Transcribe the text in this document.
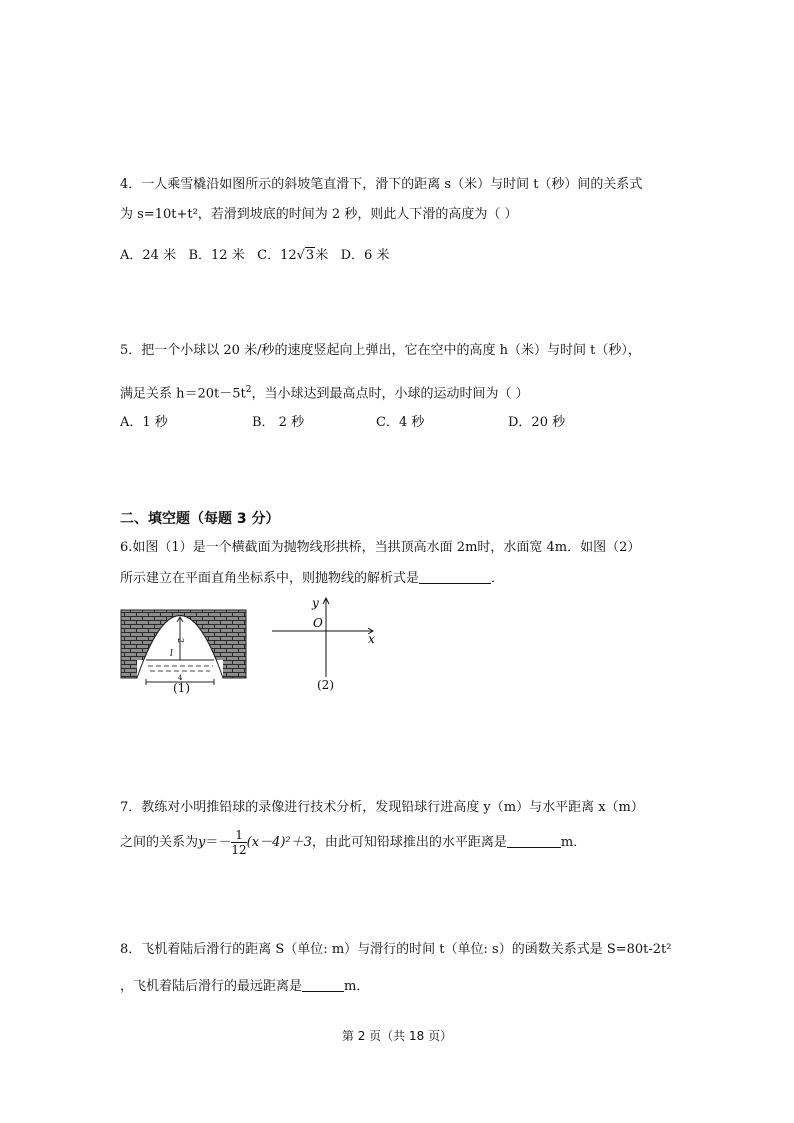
4．一人乘雪橇沿如图所示的斜坡笔直滑下，滑下的距离 s（米）与时间 t（秒）间的关系式
为 s=10t+t²，若滑到坡底的时间为 2 秒，则此人下滑的高度为（ ）
A．24 米 B．12 米 C．12√3米 D．6 米
5．把一个小球以 20 米/秒的速度竖起向上弹出，它在空中的高度 h（米）与时间 t（秒），
满足关系 $h=20t-5t^2$，当小球达到最高点时，小球的运动时间为（ ）
A．1 秒	B． 2 秒	C．4 秒	D．20 秒
二、填空题（每题 3 分）
6.如图（1）是一个横截面为抛物线形拱桥，当拱顶高水面 2m时，水面宽 4m．如图（2）
所示建立在平面直角坐标系中，则抛物线的解析式是	．
2
l
4
(1)
y
x
O
(2)
7．教练对小明推铅球的录像进行技术分析，发现铅球行进高度 y（m）与水平距离 x（m）
之间的关系为$y=- \frac{1}{12} (x-4)^2+3$，由此可知铅球推出的水平距离是	m．
8．飞机着陆后滑行的距离 S（单位: m）与滑行的时间 t（单位: s）的函数关系式是 S=80t-2t²
，飞机着陆后滑行的最远距离是	m．
第 2 页（共 18 页）
